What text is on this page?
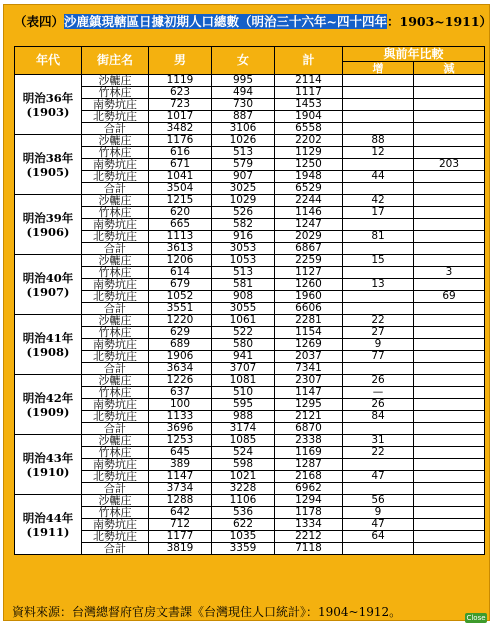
（表四）沙鹿鎮現轄區日據初期人口總數（明治三十六年~四十四年：1903~1911）
年代	街庄名	男	女	計	與前年比較	
					增	減

明治36年
(1903)	沙轆庄	1119	995	2114		
	竹林庄	623	494	1117		
	南勢坑庄	723	730	1453		
	北勢坑庄	1017	887	1904		
	合計	3482	3106	6558		

明治38年
(1905)	沙轆庄	1176	1026	2202	88	
	竹林庄	616	513	1129	12	
	南勢坑庄	671	579	1250		203
	北勢坑庄	1041	907	1948	44	
	合計	3504	3025	6529		

明治39年
(1906)	沙轆庄	1215	1029	2244	42	
	竹林庄	620	526	1146	17	
	南勢坑庄	665	582	1247		
	北勢坑庄	1113	916	2029	81	
	合計	3613	3053	6867		

明治40年
(1907)	沙轆庄	1206	1053	2259	15	
	竹林庄	614	513	1127		3
	南勢坑庄	679	581	1260	13	
	北勢坑庄	1052	908	1960		69
	合計	3551	3055	6606		

明治41年
(1908)	沙轆庄	1220	1061	2281	22	
	竹林庄	629	522	1154	27	
	南勢坑庄	689	580	1269	9	
	北勢坑庄	1906	941	2037	77	
	合計	3634	3707	7341		

明治42年
(1909)	沙轆庄	1226	1081	2307	26	
	竹林庄	637	510	1147	—	
	南勢坑庄	100	595	1295	26	
	北勢坑庄	1133	988	2121	84	
	合計	3696	3174	6870		

明治43年
(1910)	沙轆庄	1253	1085	2338	31	
	竹林庄	645	524	1169	22	
	南勢坑庄	389	598	1287		
	北勢坑庄	1147	1021	2168	47	
	合計	3734	3228	6962		

明治44年
(1911)	沙轆庄	1288	1106	1294	56	
	竹林庄	642	536	1178	9	
	南勢坑庄	712	622	1334	47	
	北勢坑庄	1177	1035	2212	64	
	合計	3819	3359	7118		
資料來源：台灣總督府官房文書課《台灣現住人口統計》：1904~1912。	Close
